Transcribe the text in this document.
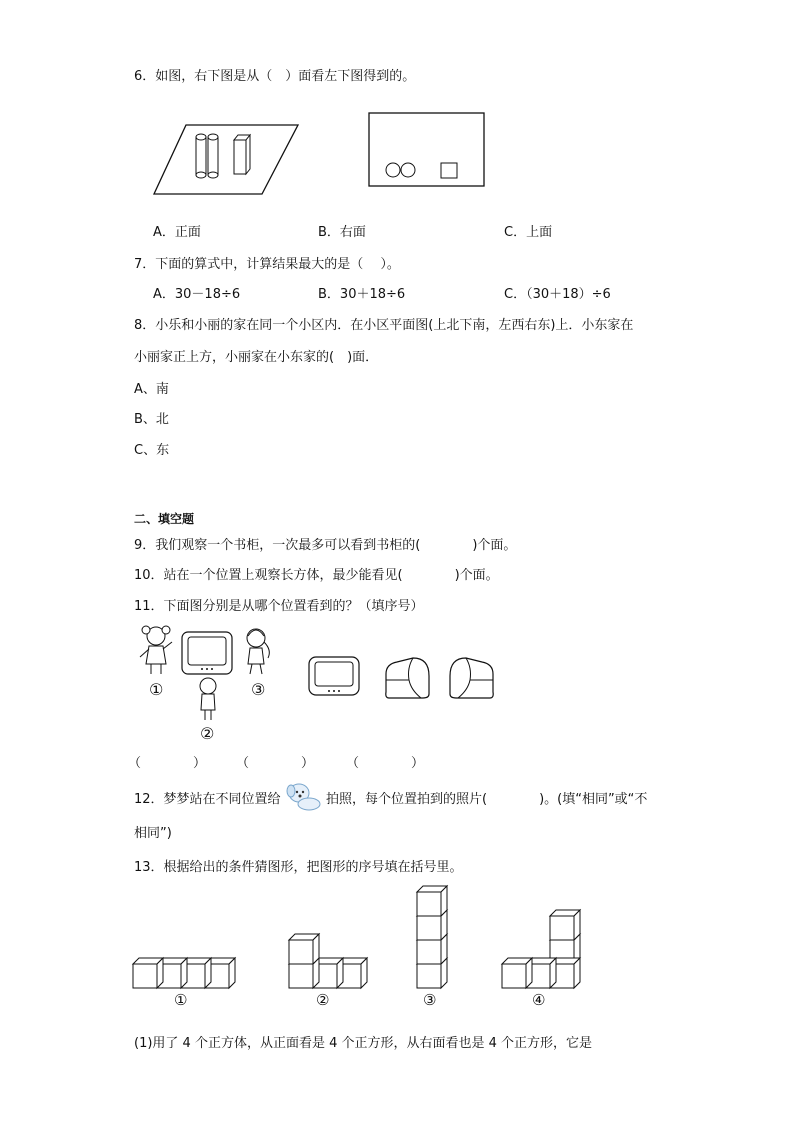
6．如图，右下图是从（　）面看左下图得到的。
A．正面	B．右面	C．上面
7．下面的算式中，计算结果最大的是（　 ）。
A．30－18÷6	B．30＋18÷6	C．（30＋18）÷6
8．小乐和小丽的家在同一个小区内．在小区平面图(上北下南，左西右东)上．小东家在
小丽家正上方，小丽家在小东家的(　)面．
A、南
B、北
C、东
二、填空题
9．我们观察一个书柜，一次最多可以看到书柜的(　　　　)个面。
10．站在一个位置上观察长方体，最少能看见(　　　　)个面。
11．下面图分别是从哪个位置看到的？（填序号）
①	③
②
（　　　　） （　　　　） （　　　　）
12．梦梦站在不同位置给	拍照，每个位置拍到的照片(　　　　)。(填“相同”或“不
相同”)
13．根据给出的条件猜图形，把图形的序号填在括号里。
①	②	③	④
(1)用了 4 个正方体，从正面看是 4 个正方形，从右面看也是 4 个正方形，它是
